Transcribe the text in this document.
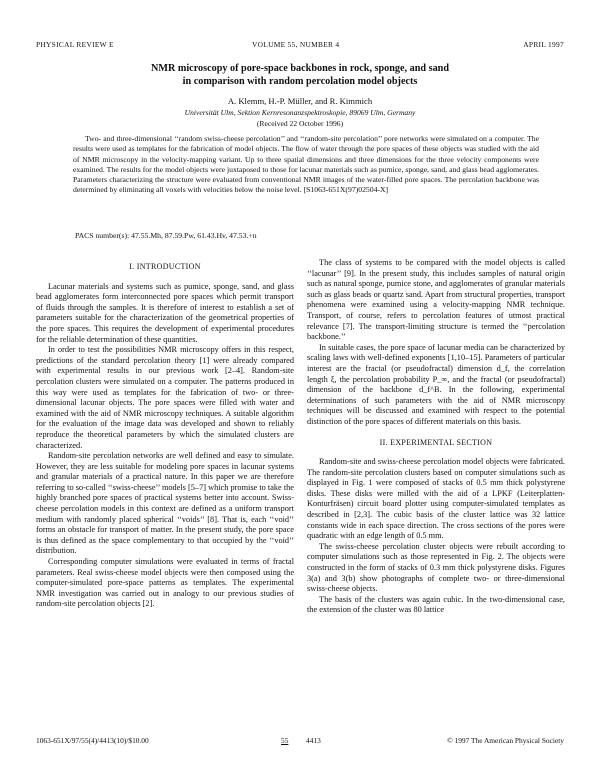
PHYSICAL REVIEW E	VOLUME 55, NUMBER 4	APRIL 1997
NMR microscopy of pore-space backbones in rock, sponge, and sand
in comparison with random percolation model objects
A. Klemm, H.-P. Müller, and R. Kimmich
Universität Ulm, Sektion Kernresonanzspektroskopie, 89069 Ulm, Germany
(Received 22 October 1996)

Two- and three-dimensional ‘‘random swiss-cheese percolation’’ and ‘‘random-site percolation’’ pore networks were simulated on a computer. The results were used as templates for the fabrication of model objects. The flow of water through the pore spaces of these objects was studied with the aid of NMR microscopy in the velocity-mapping variant. Up to three spatial dimensions and three dimensions for the three velocity components were examined. The results for the model objects were juxtaposed to those for lacunar materials such as pumice, sponge, sand, and glass bead agglomerates. Parameters characterizing the structure were evaluated from conventional NMR images of the water-filled pore spaces. The percolation backbone was determined by eliminating all voxels with velocities below the noise level. [S1063-651X(97)02504-X]

PACS number(s): 47.55.Mh, 87.59.Pw, 61.43.Hv, 47.53.+n
I. INTRODUCTION

Lacunar materials and systems such as pumice, sponge, sand, and glass bead agglomerates form interconnected pore spaces which permit transport of fluids through the samples. It is therefore of interest to establish a set of parameters suitable for the characterization of the geometrical properties of the pore spaces. This requires the development of experimental procedures for the reliable determination of these quantities.

In order to test the possibilities NMR microscopy offers in this respect, predictions of the standard percolation theory [1] were already compared with experimental results in our previous work [2–4]. Random-site percolation clusters were simulated on a computer. The patterns produced in this way were used as templates for the fabrication of two- or three-dimensional lacunar objects. The pore spaces were filled with water and examined with the aid of NMR microscopy techniques. A suitable algorithm for the evaluation of the image data was developed and shown to reliably reproduce the theoretical parameters by which the simulated clusters are characterized.

Random-site percolation networks are well defined and easy to simulate. However, they are less suitable for modeling pore spaces in lacunar systems and granular materials of a practical nature. In this paper we are therefore referring to so-called ‘‘swiss-cheese’’ models [5–7] which promise to take the highly branched pore spaces of practical systems better into account. Swiss-cheese percolation models in this context are defined as a uniform transport medium with randomly placed spherical ‘‘voids’’ [8]. That is, each ‘‘void’’ forms an obstacle for transport of matter. In the present study, the pore space is thus defined as the space complementary to that occupied by the ‘‘void’’ distribution.

Corresponding computer simulations were evaluated in terms of fractal parameters. Real swiss-cheese model objects were then composed using the computer-simulated pore-space patterns as templates. The experimental NMR investigation was carried out in analogy to our previous studies of random-site percolation objects [2].

The class of systems to be compared with the model objects is called ‘‘lacunar’’ [9]. In the present study, this includes samples of natural origin such as natural sponge, pumice stone, and agglomerates of granular materials such as glass beads or quartz sand. Apart from structural properties, transport phenomena were examined using a velocity-mapping NMR technique. Transport, of course, refers to percolation features of utmost practical relevance [7]. The transport-limiting structure is termed the ‘‘percolation backbone.’’

In suitable cases, the pore space of lacunar media can be characterized by scaling laws with well-defined exponents [1,10–15]. Parameters of particular interest are the fractal (or pseudofractal) dimension d_f, the correlation length ξ, the percolation probability P_∞, and the fractal (or pseudofractal) dimension of the backbone d_f^B. In the following, experimental determinations of such parameters with the aid of NMR microscopy techniques will be discussed and examined with respect to the potential distinction of the pore spaces of different materials on this basis.

II. EXPERIMENTAL SECTION

Random-site and swiss-cheese percolation model objects were fabricated. The random-site percolation clusters based on computer simulations such as displayed in Fig. 1 were composed of stacks of 0.5 mm thick polystyrene disks. These disks were milled with the aid of a LPKF (Leiterplatten-Konturfräsen) circuit board plotter using computer-simulated templates as described in [2,3]. The cubic basis of the cluster lattice was 32 lattice constants wide in each space direction. The cross sections of the pores were quadratic with an edge length of 0.5 mm.

The swiss-cheese percolation cluster objects were rebuilt according to computer simulations such as those represented in Fig. 2. The objects were constructed in the form of stacks of 0.3 mm thick polystyrene disks. Figures 3(a) and 3(b) show photographs of complete two- or three-dimensional swiss-cheese objects.

The basis of the clusters was again cubic. In the two-dimensional case, the extension of the cluster was 80 lattice

1063-651X/97/55(4)/4413(10)/$10.00	55 4413	© 1997 The American Physical Society
